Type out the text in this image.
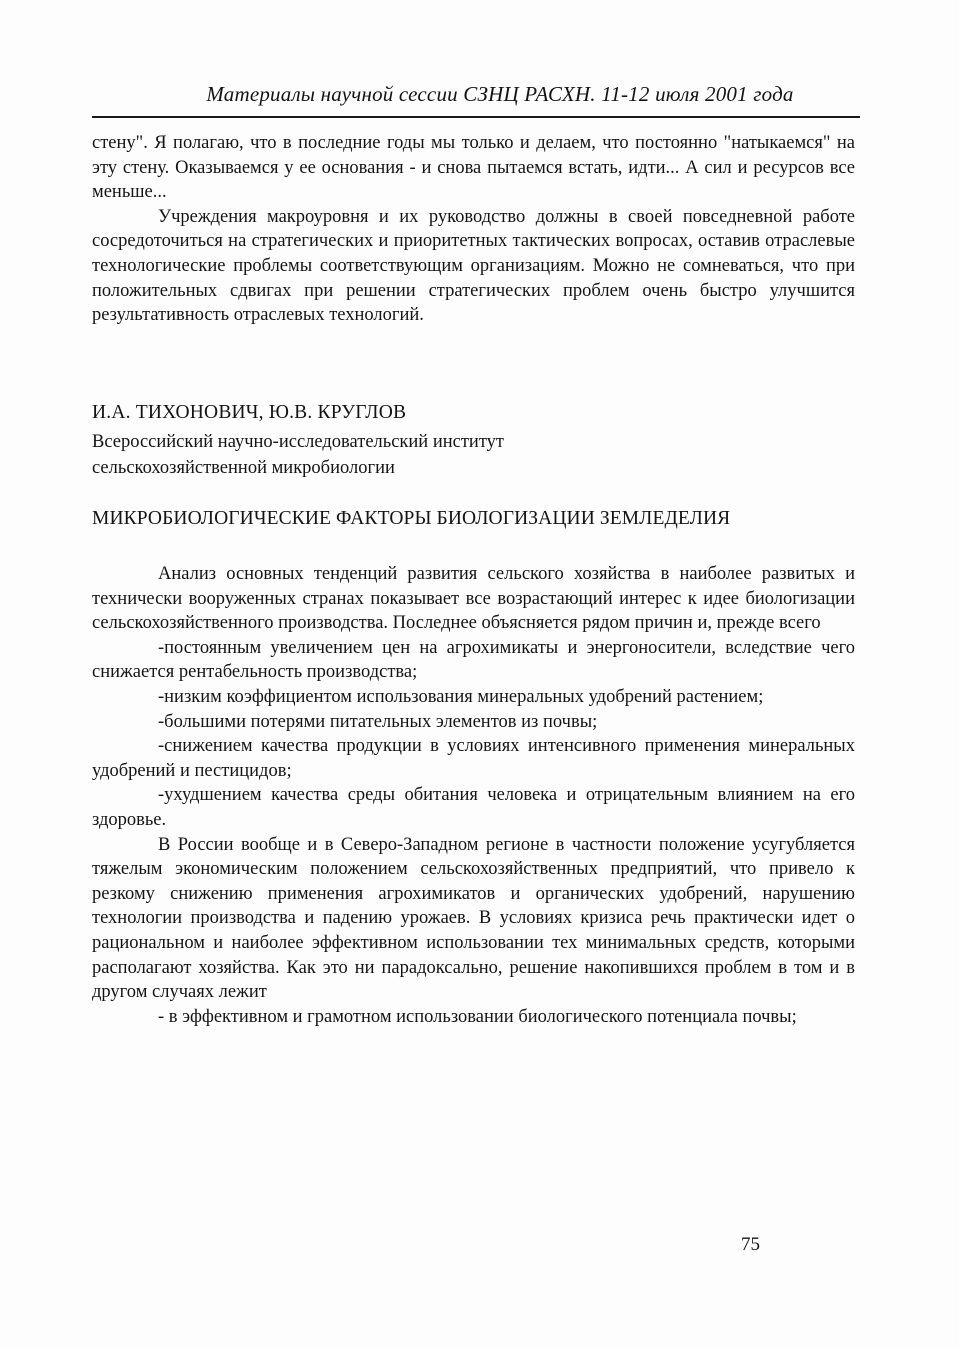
Материалы научной сессии СЗНЦ РАСХН. 11-12 июля 2001 года

стену". Я полагаю, что в последние годы мы только и делаем, что постоянно "натыкаемся" на эту стену. Оказываемся у ее основания - и снова пытаемся встать, идти... А сил и ресурсов все меньше...

Учреждения макроуровня и их руководство должны в своей повседневной работе сосредоточиться на стратегических и приоритетных тактических вопросах, оставив отраслевые технологические проблемы соответствующим организациям. Можно не сомневаться, что при положительных сдвигах при решении стратегических проблем очень быстро улучшится результативность отраслевых технологий.

И.А. ТИХОНОВИЧ, Ю.В. КРУГЛОВ
Всероссийский научно-исследовательский институт
сельскохозяйственной микробиологии
МИКРОБИОЛОГИЧЕСКИЕ ФАКТОРЫ БИОЛОГИЗАЦИИ ЗЕМЛЕДЕЛИЯ

Анализ основных тенденций развития сельского хозяйства в наиболее развитых и технически вооруженных странах показывает все возрастающий интерес к идее биологизации сельскохозяйственного производства. Последнее объясняется рядом причин и, прежде всего

-постоянным увеличением цен на агрохимикаты и энергоносители, вследствие чего снижается рентабельность производства;

-низким коэффициентом использования минеральных удобрений растением;

-большими потерями питательных элементов из почвы;

-снижением качества продукции в условиях интенсивного применения минеральных удобрений и пестицидов;

-ухудшением качества среды обитания человека и отрицательным влиянием на его здоровье.

В России вообще и в Северо-Западном регионе в частности положение усугубляется тяжелым экономическим положением сельскохозяйственных предприятий, что привело к резкому снижению применения агрохимикатов и органических удобрений, нарушению технологии производства и падению урожаев. В условиях кризиса речь практически идет о рациональном и наиболее эффективном использовании тех минимальных средств, которыми располагают хозяйства. Как это ни парадоксально, решение накопившихся проблем в том и в другом случаях лежит

- в эффективном и грамотном использовании биологического потенциала почвы;

75
